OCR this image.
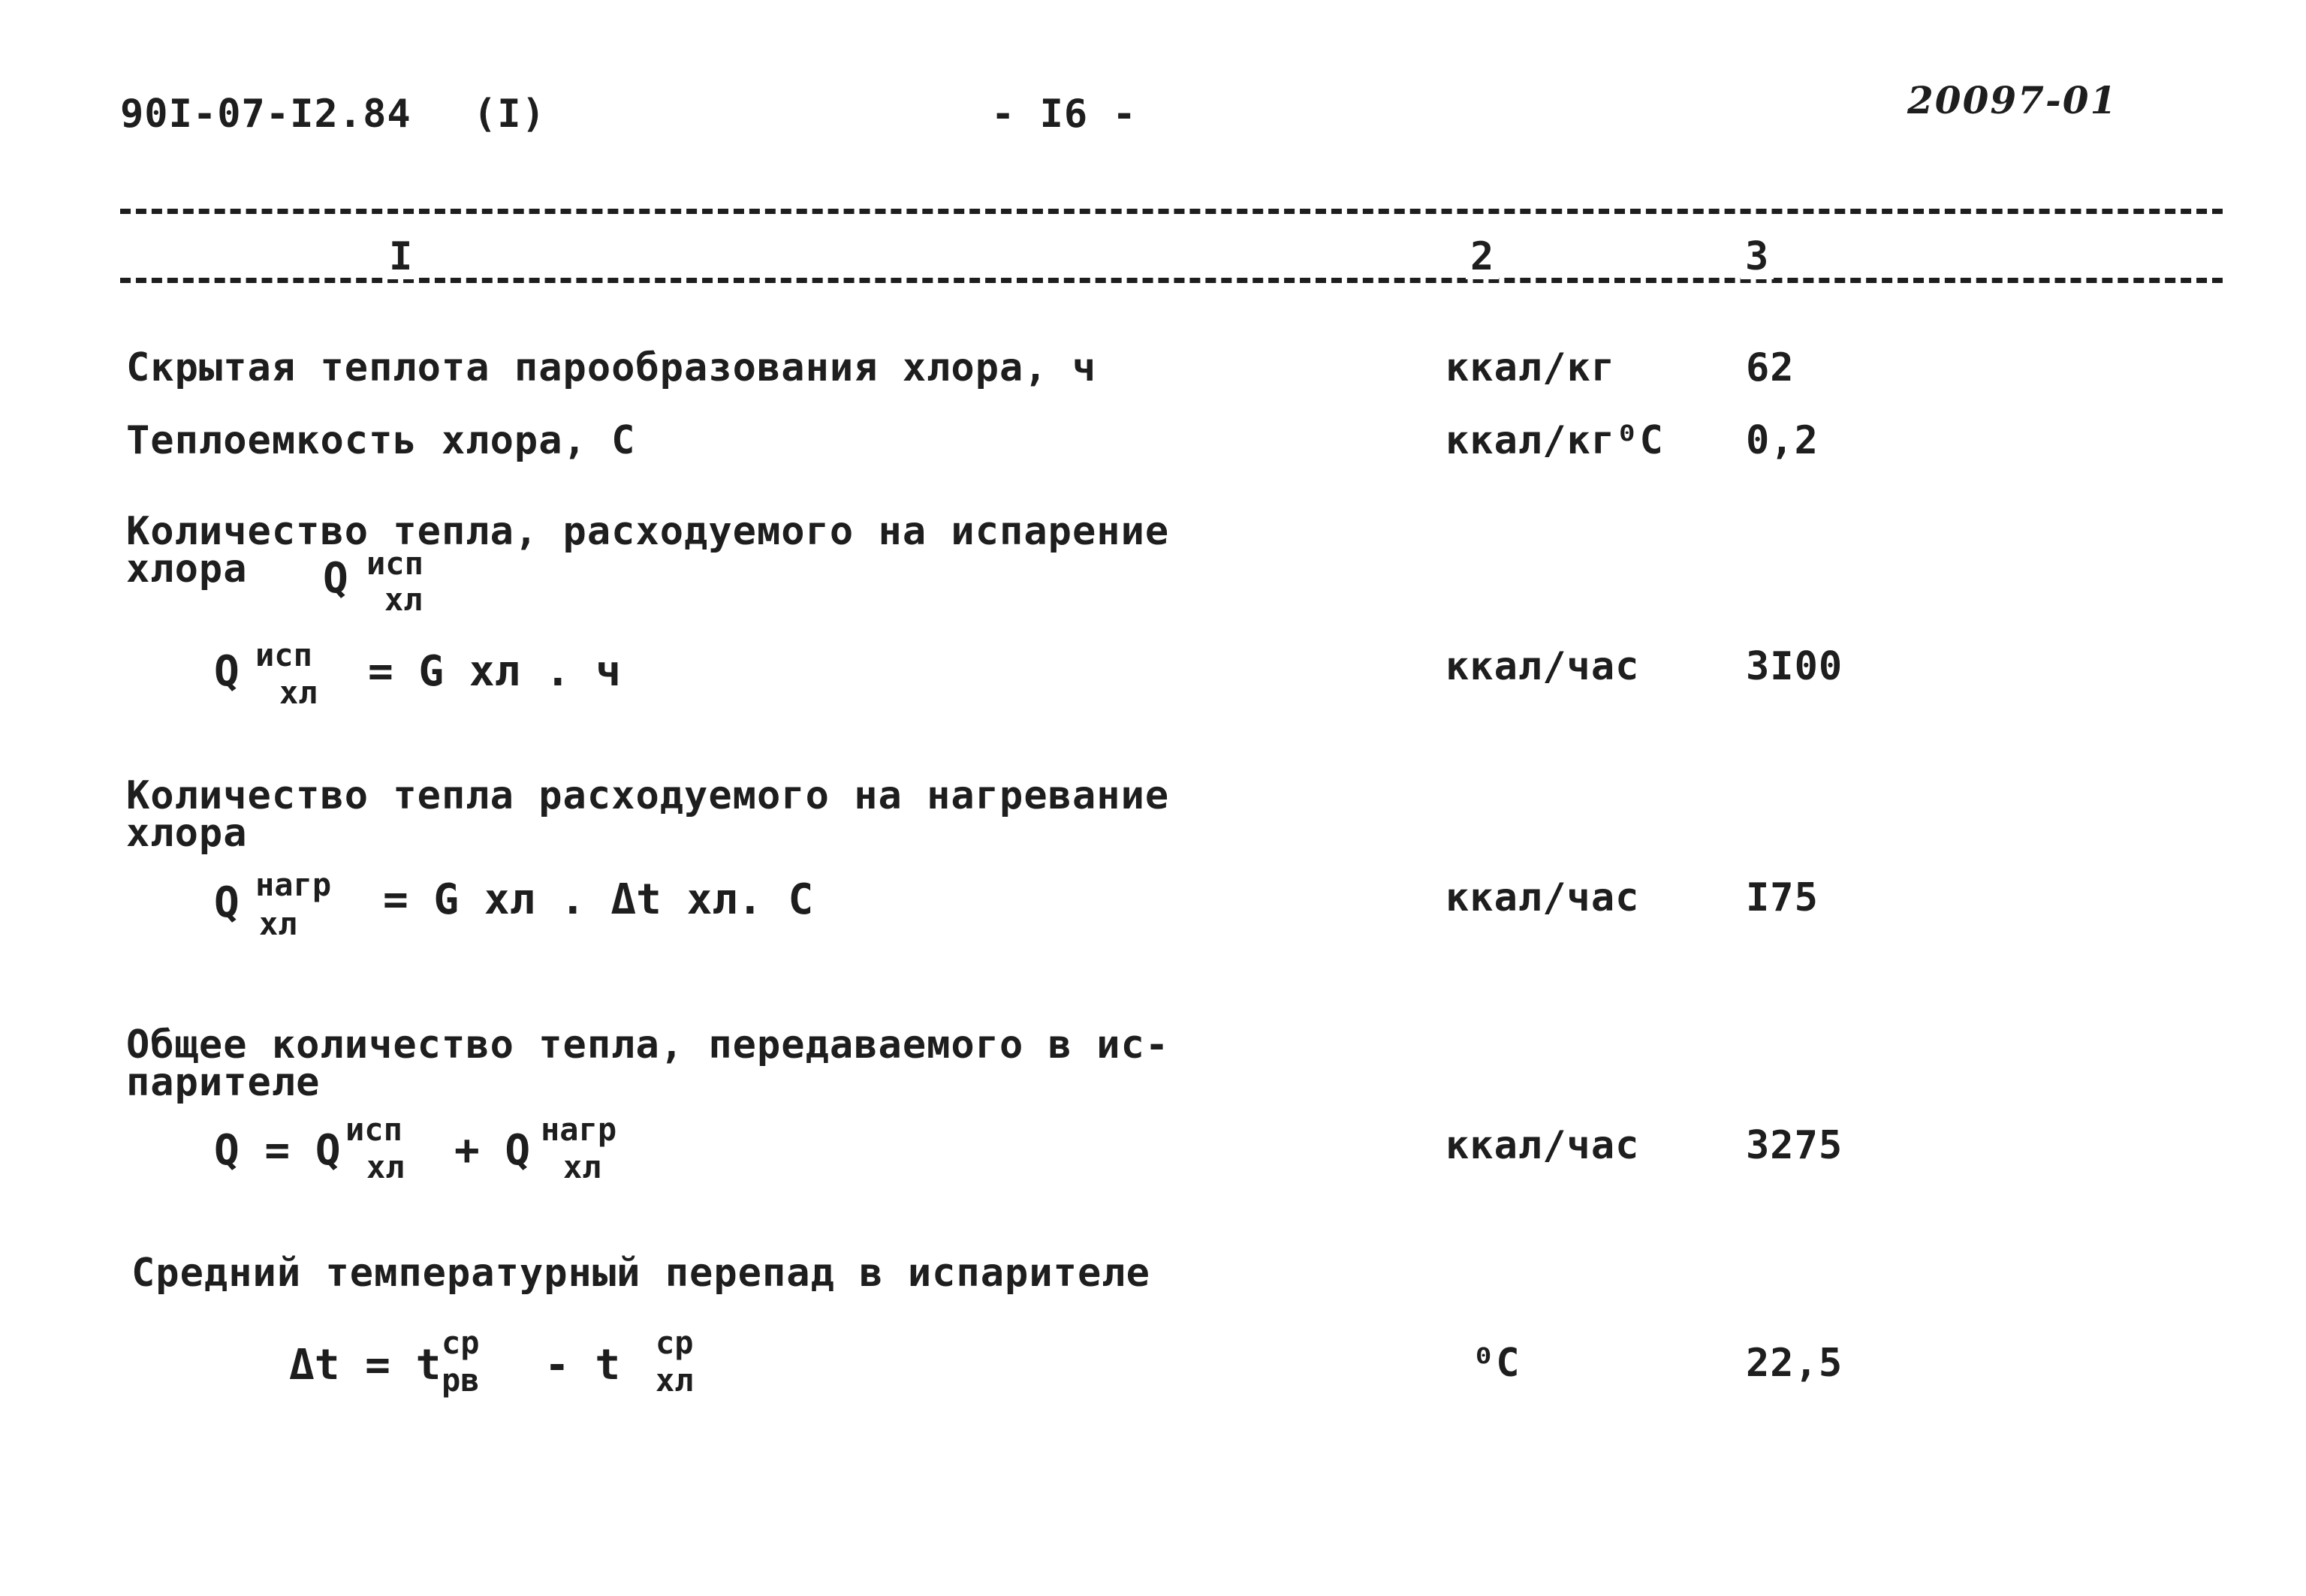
90I-07-I2.84 (I)	- I6 -	20097-01
I	2	3
Скрытая теплота парообразования хлора, ч	ккал/кг	62
Теплоемкость хлора, С	ккал/кг⁰С 0,2
Количество тепла, расходуемого на испарение
хлора Q исп
хл
Q исп
хл = G хл . ч	ккал/час	3I00
Количество тепла расходуемого на нагревание
хлора
Q нагр
хл = G хл . Δt хл. С	ккал/час	I75
Общее количество тепла, передаваемого в ис-
парителе
Q = Q исп
хл + Q нагр
хл	ккал/час	3275
Средний температурный перепад в испарителе
Δt = t ср
рв - t ср
хл	⁰С	22,5
